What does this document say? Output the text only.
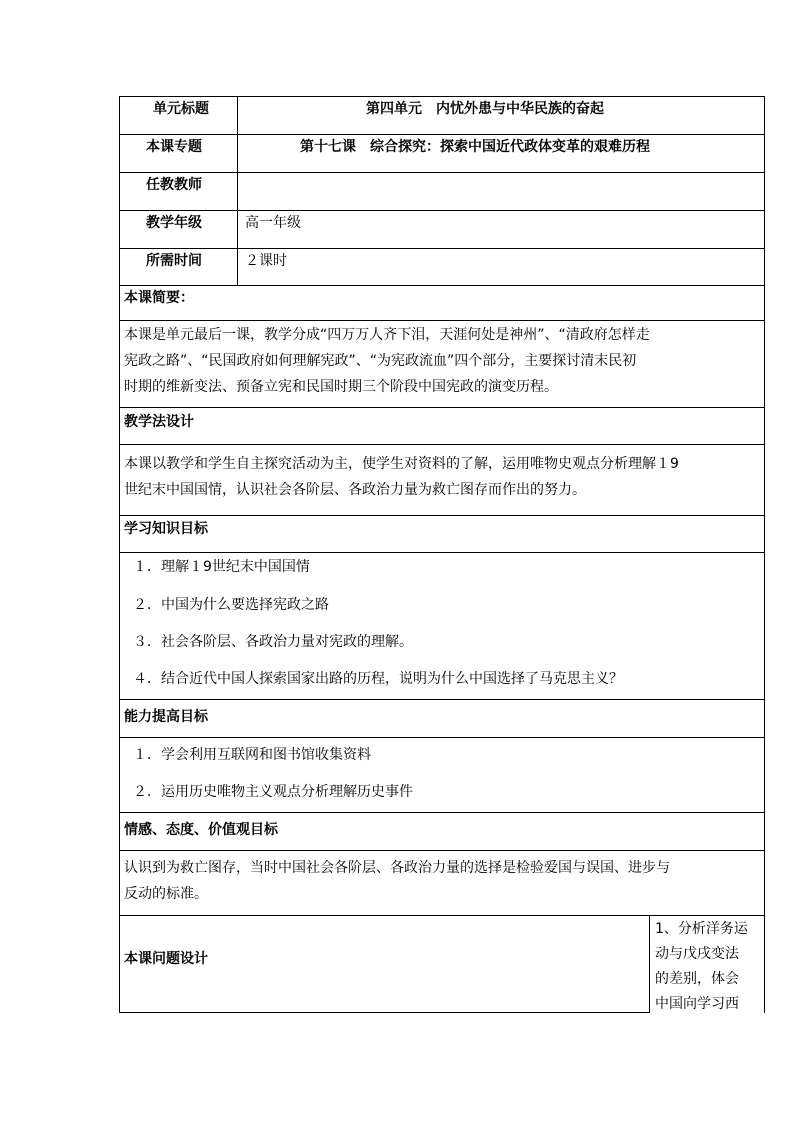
单元标题	第四单元　内忧外患与中华民族的奋起
本课专题	第十七课　综合探究：探索中国近代政体变革的艰难历程
任教教师
教学年级	高一年级
所需时间	２课时
本课简要：
本课是单元最后一课，教学分成“四万万人齐下泪，天涯何处是神州”、“清政府怎样走
宪政之路”、“民国政府如何理解宪政”、“为宪政流血”四个部分，主要探讨清末民初
时期的维新变法、预备立宪和民国时期三个阶段中国宪政的演变历程。
教学法设计
本课以教学和学生自主探究活动为主，使学生对资料的了解，运用唯物史观点分析理解１9
世纪末中国国情，认识社会各阶层、各政治力量为救亡图存而作出的努力。
学习知识目标
１．理解１9世纪末中国国情
２．中国为什么要选择宪政之路
３．社会各阶层、各政治力量对宪政的理解。
４．结合近代中国人探索国家出路的历程，说明为什么中国选择了马克思主义？
能力提高目标
１．学会利用互联网和图书馆收集资料
２．运用历史唯物主义观点分析理解历史事件
情感、态度、价值观目标
认识到为救亡图存，当时中国社会各阶层、各政治力量的选择是检验爱国与误国、进步与
反动的标准。
本课问题设计
1、分析洋务运
动与戊戌变法
的差别，体会
中国向学习西
